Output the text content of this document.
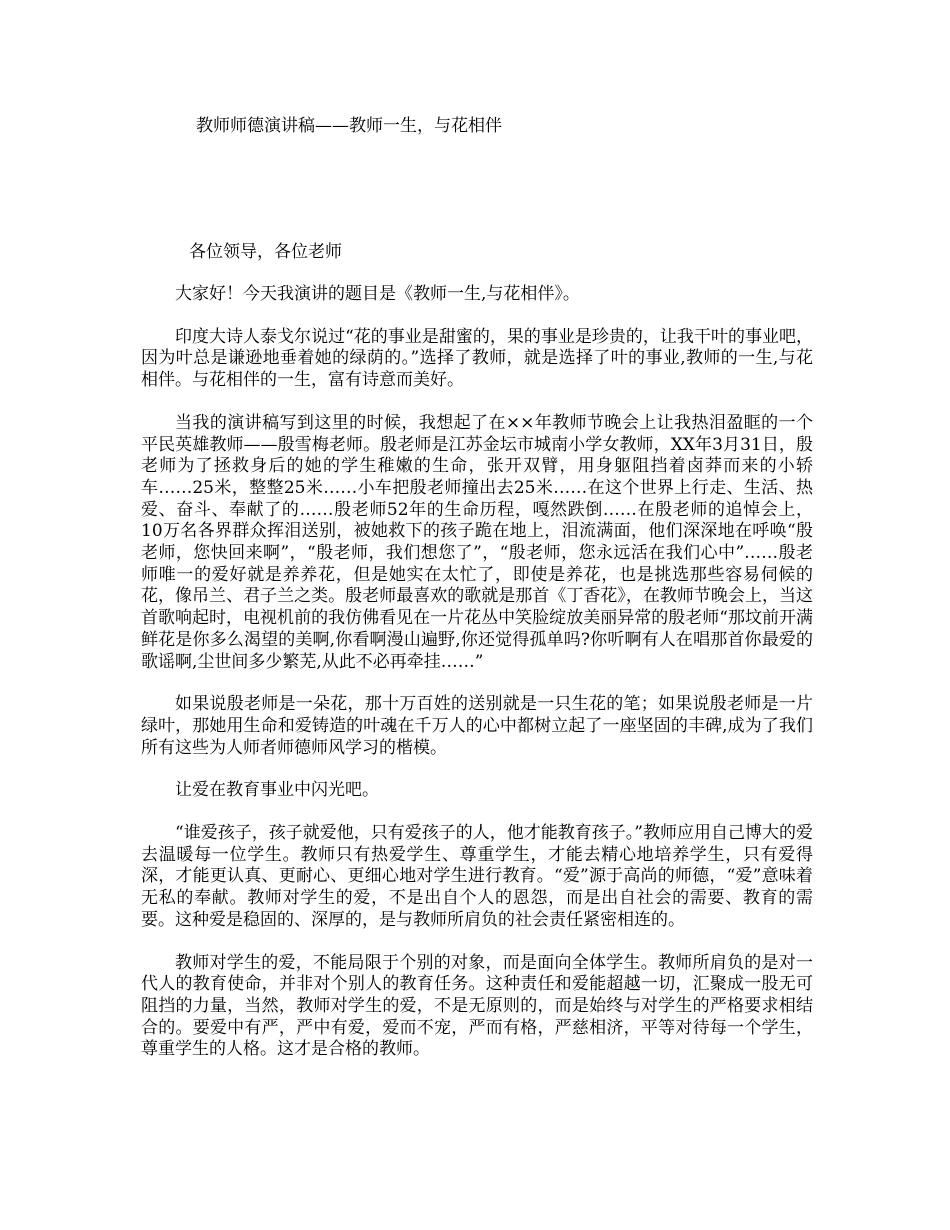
教师师德演讲稿——教师一生，与花相伴
各位领导，各位老师

大家好！今天我演讲的题目是《教师一生,与花相伴》。

印度大诗人泰戈尔说过“花的事业是甜蜜的，果的事业是珍贵的，让我干叶的事业吧，因为叶总是谦逊地垂着她的绿荫的。”选择了教师，就是选择了叶的事业,教师的一生,与花相伴。与花相伴的一生，富有诗意而美好。

当我的演讲稿写到这里的时候，我想起了在××年教师节晚会上让我热泪盈眶的一个平民英雄教师——殷雪梅老师。殷老师是江苏金坛市城南小学女教师，XX年3月31日，殷老师为了拯救身后的她的学生稚嫩的生命，张开双臂，用身躯阻挡着卤莽而来的小轿车……25米，整整25米……小车把殷老师撞出去25米……在这个世界上行走、生活、热爱、奋斗、奉献了的……殷老师52年的生命历程，嘎然跌倒……在殷老师的追悼会上，10万名各界群众挥泪送别，被她救下的孩子跪在地上，泪流满面，他们深深地在呼唤“殷老师，您快回来啊”，“殷老师，我们想您了”，“殷老师，您永远活在我们心中”……殷老师唯一的爱好就是养养花，但是她实在太忙了，即使是养花，也是挑选那些容易伺候的花，像吊兰、君子兰之类。殷老师最喜欢的歌就是那首《丁香花》，在教师节晚会上，当这首歌响起时，电视机前的我仿佛看见在一片花丛中笑脸绽放美丽异常的殷老师“那坟前开满鲜花是你多么渴望的美啊,你看啊漫山遍野,你还觉得孤单吗?你听啊有人在唱那首你最爱的歌谣啊,尘世间多少繁芜,从此不必再牵挂……”

如果说殷老师是一朵花，那十万百姓的送别就是一只生花的笔；如果说殷老师是一片绿叶，那她用生命和爱铸造的叶魂在千万人的心中都树立起了一座坚固的丰碑,成为了我们所有这些为人师者师德师风学习的楷模。

让爱在教育事业中闪光吧。

“谁爱孩子，孩子就爱他，只有爱孩子的人，他才能教育孩子。”教师应用自己博大的爱去温暖每一位学生。教师只有热爱学生、尊重学生，才能去精心地培养学生，只有爱得深，才能更认真、更耐心、更细心地对学生进行教育。“爱”源于高尚的师德，“爱”意味着无私的奉献。教师对学生的爱，不是出自个人的恩怨，而是出自社会的需要、教育的需要。这种爱是稳固的、深厚的，是与教师所肩负的社会责任紧密相连的。

教师对学生的爱，不能局限于个别的对象，而是面向全体学生。教师所肩负的是对一代人的教育使命，并非对个别人的教育任务。这种责任和爱能超越一切，汇聚成一股无可阻挡的力量，当然，教师对学生的爱，不是无原则的，而是始终与对学生的严格要求相结合的。要爱中有严，严中有爱，爱而不宠，严而有格，严慈相济，平等对待每一个学生，尊重学生的人格。这才是合格的教师。
